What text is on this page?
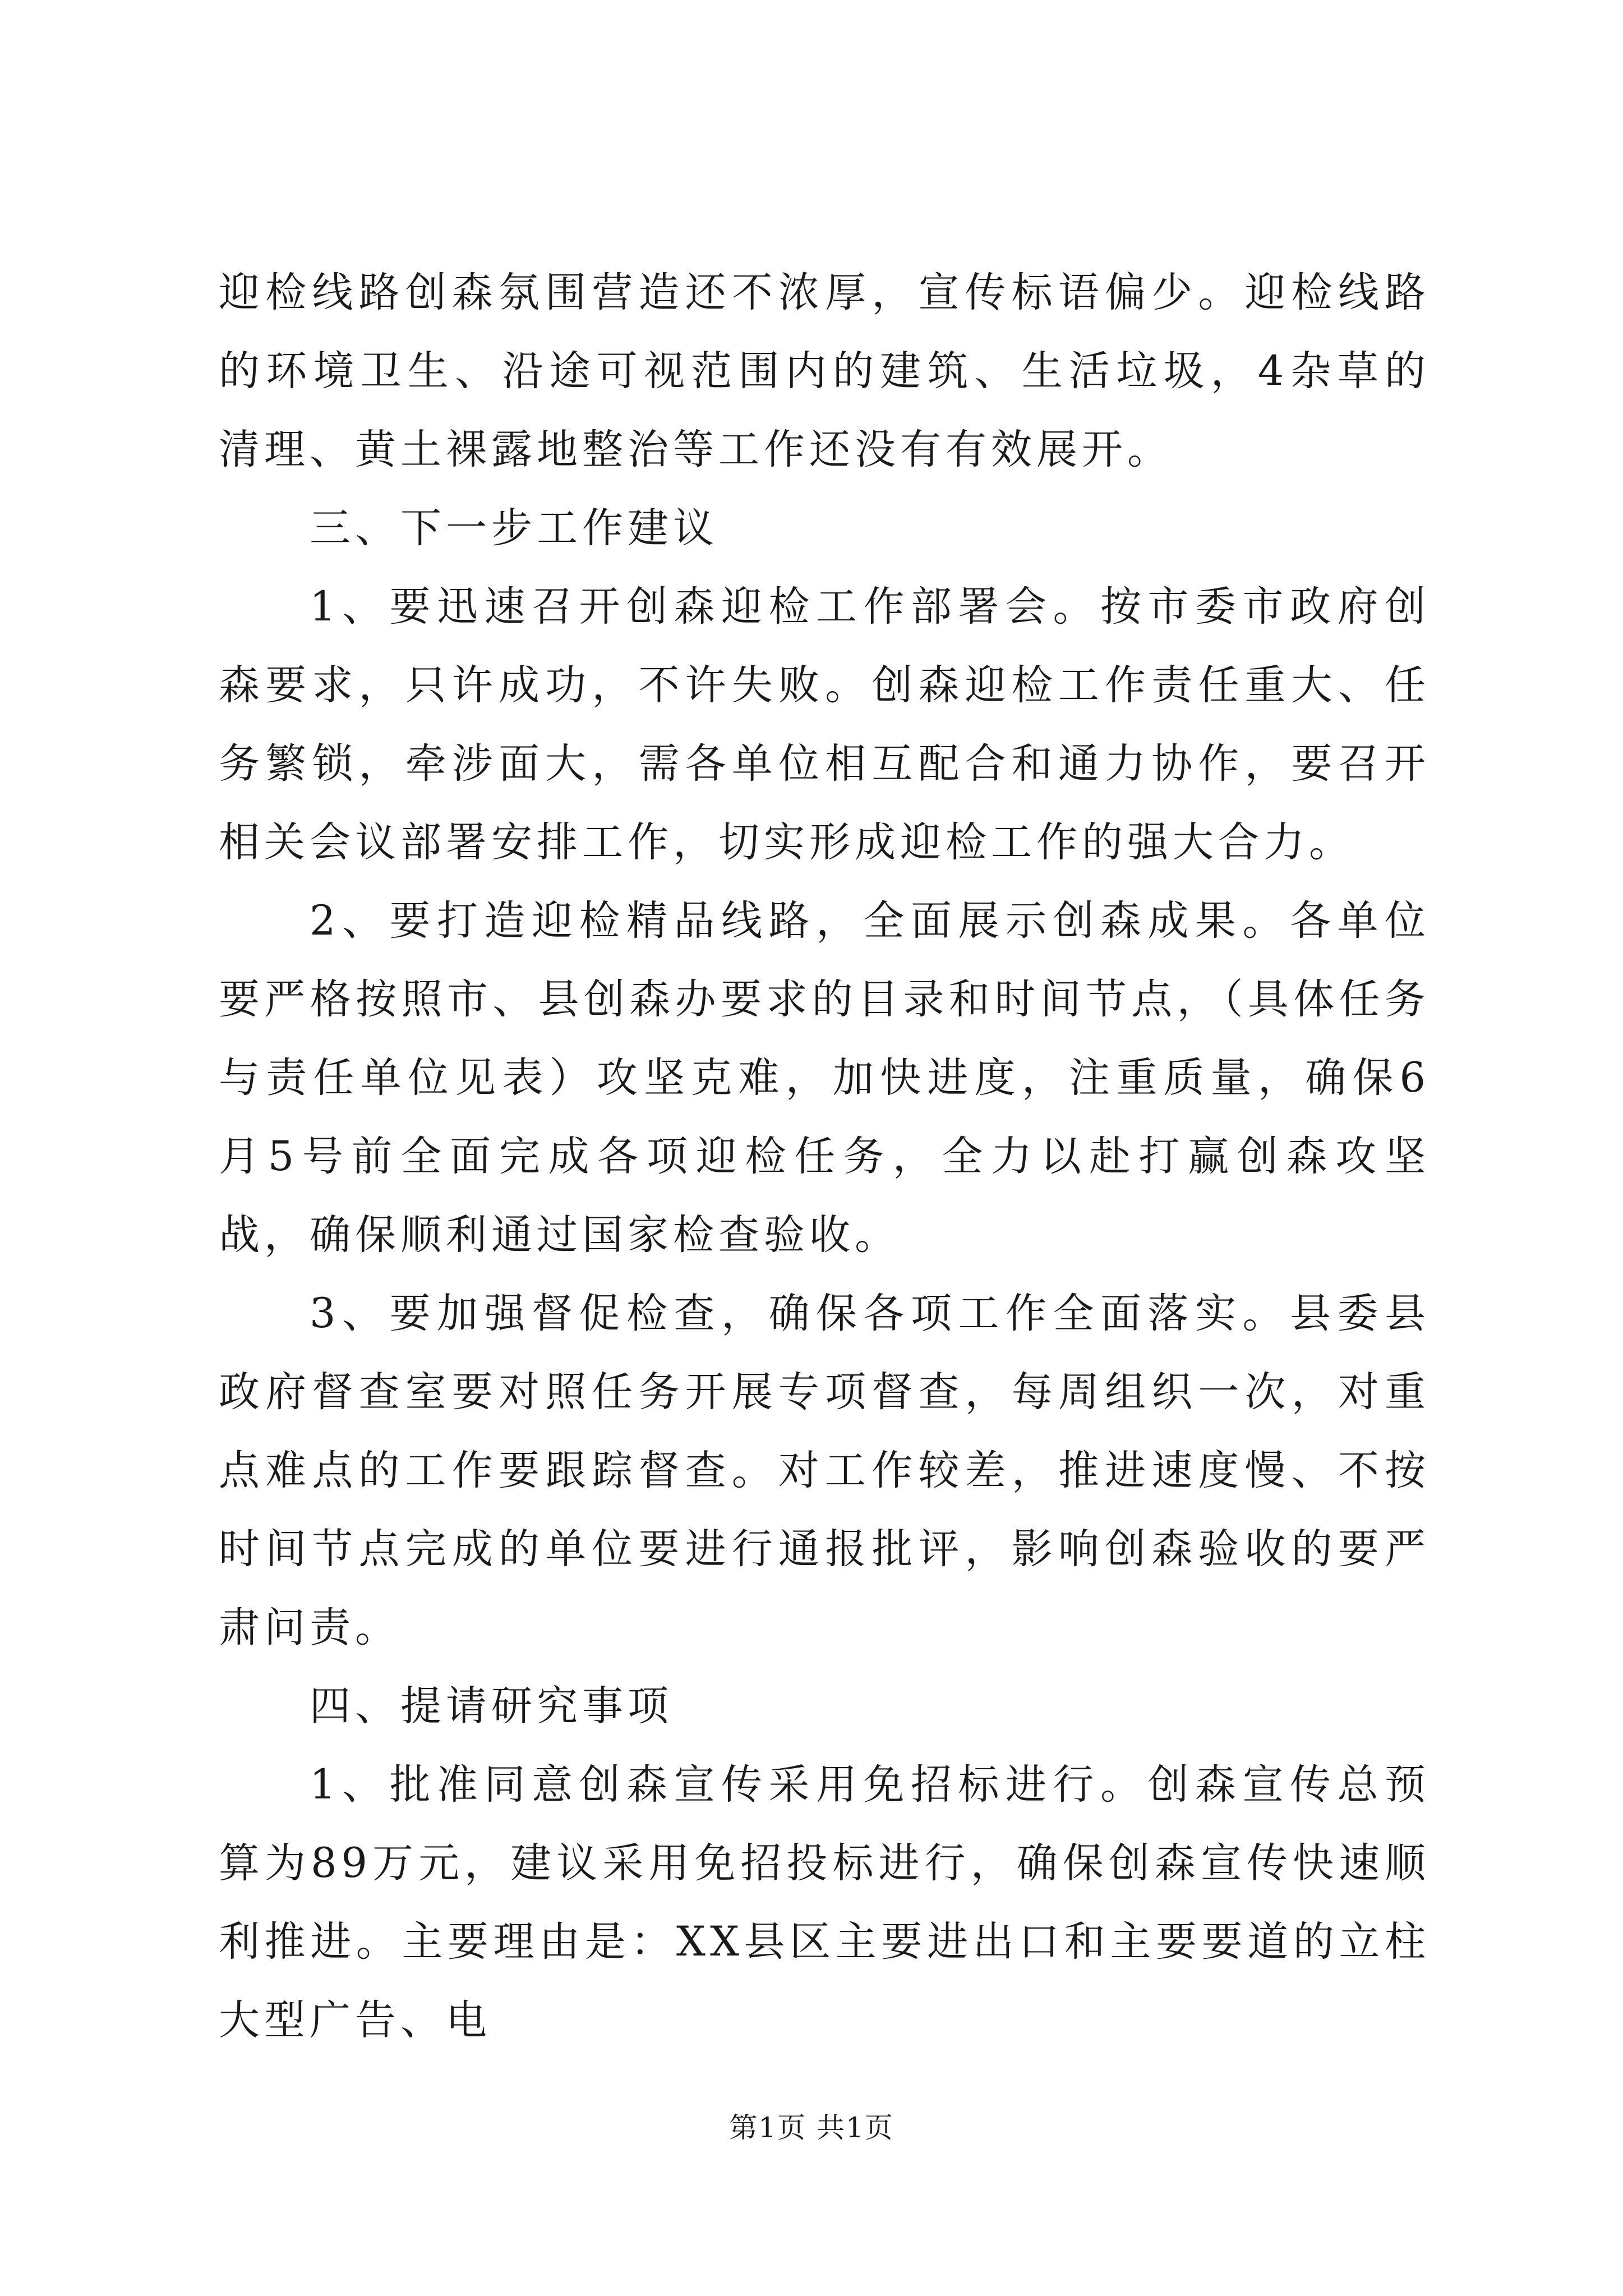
迎检线路创森氛围营造还不浓厚，宣传标语偏少。迎检线路的环境卫生、沿途可视范围内的建筑、生活垃圾，4杂草的清理、黄土裸露地整治等工作还没有有效展开。

三、下一步工作建议

1、要迅速召开创森迎检工作部署会。按市委市政府创森要求，只许成功，不许失败。创森迎检工作责任重大、任务繁锁，牵涉面大，需各单位相互配合和通力协作，要召开相关会议部署安排工作，切实形成迎检工作的强大合力。

2、要打造迎检精品线路，全面展示创森成果。各单位要严格按照市、县创森办要求的目录和时间节点，（具体任务与责任单位见表）攻坚克难，加快进度，注重质量，确保6月5号前全面完成各项迎检任务，全力以赴打赢创森攻坚战，确保顺利通过国家检查验收。

3、要加强督促检查，确保各项工作全面落实。县委县政府督查室要对照任务开展专项督查，每周组织一次，对重点难点的工作要跟踪督查。对工作较差，推进速度慢、不按时间节点完成的单位要进行通报批评，影响创森验收的要严肃问责。

四、提请研究事项

1、批准同意创森宣传采用免招标进行。创森宣传总预算为89万元，建议采用免招投标进行，确保创森宣传快速顺利推进。主要理由是：XX县区主要进出口和主要要道的立柱大型广告、电

第1页 共1页
